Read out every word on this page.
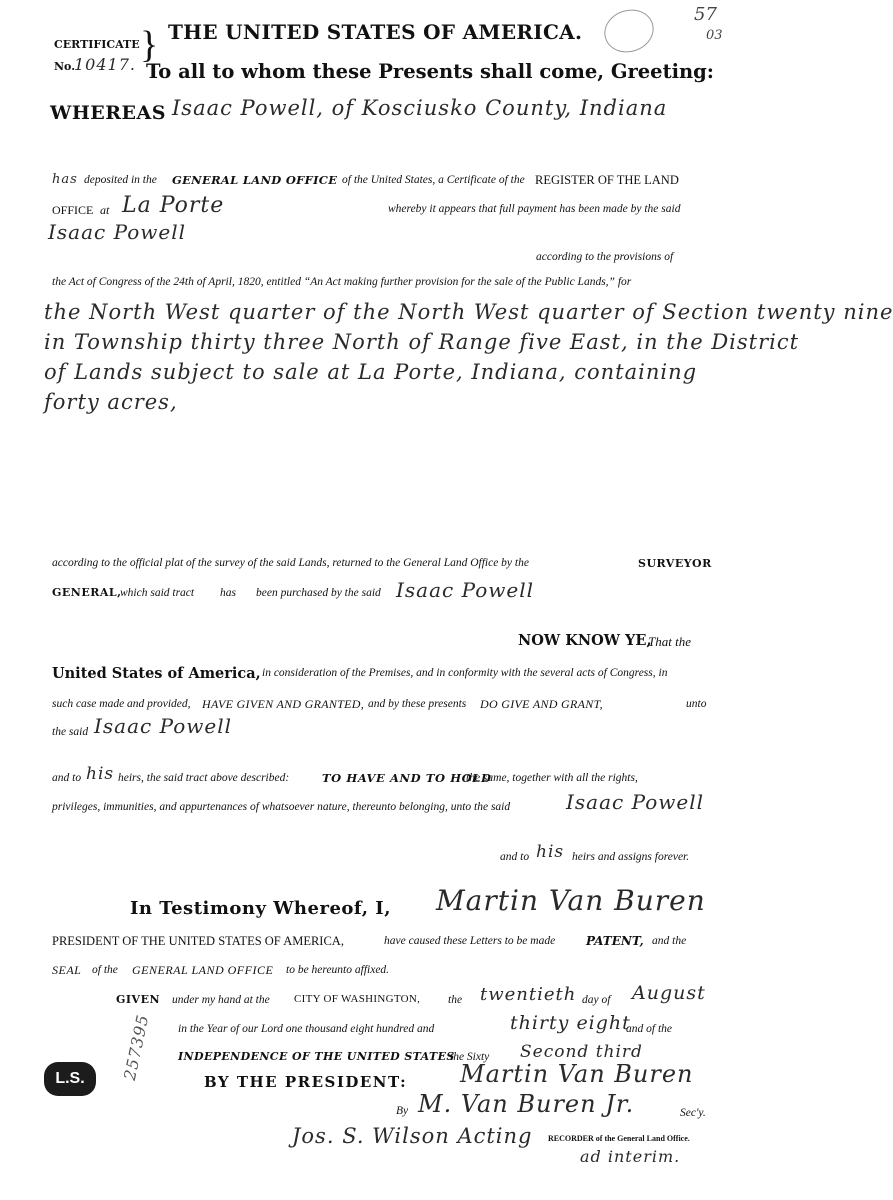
57
03
CERTIFICATE } THE UNITED STATES OF AMERICA.
No.
10417. To all to whom these Presents shall come, Greeting:
WHEREAS Isaac Powell, of Kosciusko County, Indiana
has deposited in the GENERAL LAND OFFICE of the United States, a Certificate of the REGISTER OF THE LAND
OFFICE at La Porte	whereby it appears that full payment has been made by the said
Isaac Powell
according to the provisions of
the Act of Congress of the 24th of April, 1820, entitled “An Act making further provision for the sale of the Public Lands,” for
the North West quarter of the North West quarter of Section twenty nine
in Township thirty three North of Range five East, in the District
of Lands subject to sale at La Porte, Indiana, containing
forty acres,
according to the official plat of the survey of the said Lands, returned to the General Land Office by the	SURVEYOR
GENERAL,
which said tract has been purchased by the said Isaac Powell
NOW KNOW YE,
That the
United States of America, in consideration of the Premises, and in conformity with the several acts of Congress, in
such case made and provided, HAVE GIVEN AND GRANTED, and by these presents DO GIVE AND GRANT,	unto
the said Isaac Powell
and to his heirs, the said tract above described:	TO HAVE AND TO HOLD
the same, together with all the rights,
privileges, immunities, and appurtenances of whatsoever nature, thereunto belonging, unto the said	Isaac Powell
and to his heirs and assigns forever.
In Testimony Whereof, I, Martin Van Buren
PRESIDENT OF THE UNITED STATES OF AMERICA,	have caused these Letters to be made	PATENT, and the
SEAL of the GENERAL LAND OFFICE to be hereunto affixed.
GIVEN under my hand at the CITY OF WASHINGTON, the twentieth day of August
in the Year of our Lord one thousand eight hundred and	thirty eight
and of the
INDEPENDENCE OF THE UNITED STATES
the Sixty Second third
L.S.	257395
BY THE PRESIDENT: Martin Van Buren
By M. Van Buren Jr.	Sec'y.
Jos. S. Wilson Acting RECORDER of the General Land Office.
ad interim.
